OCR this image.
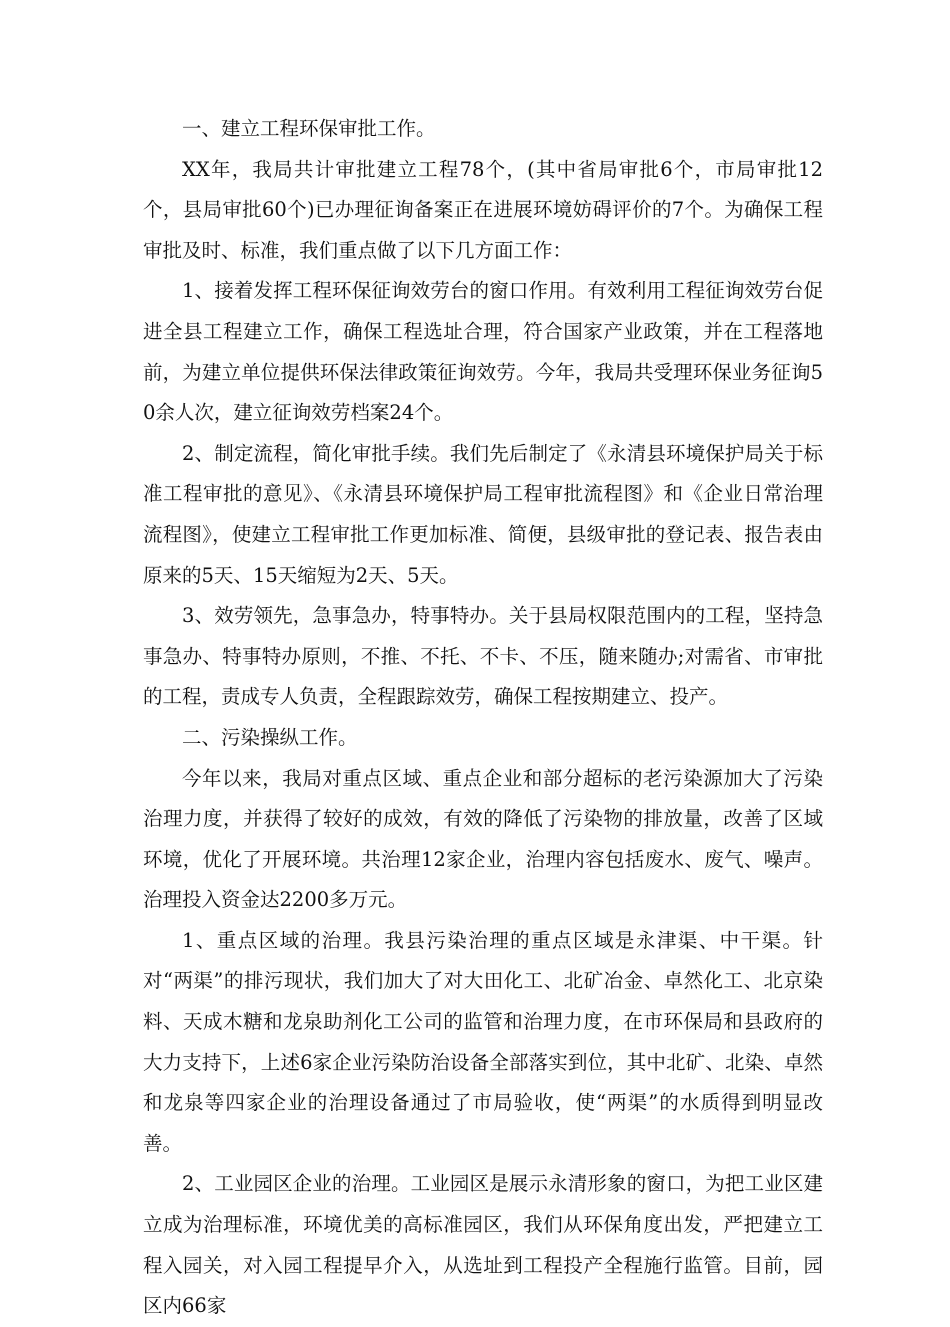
一、建立工程环保审批工作。

XX年，我局共计审批建立工程78个，(其中省局审批6个，市局审批12个，县局审批60个)已办理征询备案正在进展环境妨碍评价的7个。为确保工程审批及时、标准，我们重点做了以下几方面工作：

1、接着发挥工程环保征询效劳台的窗口作用。有效利用工程征询效劳台促进全县工程建立工作，确保工程选址合理，符合国家产业政策，并在工程落地前，为建立单位提供环保法律政策征询效劳。今年，我局共受理环保业务征询50余人次，建立征询效劳档案24个。

2、制定流程，简化审批手续。我们先后制定了《永清县环境保护局关于标准工程审批的意见》、《永清县环境保护局工程审批流程图》和《企业日常治理流程图》，使建立工程审批工作更加标准、简便，县级审批的登记表、报告表由原来的5天、15天缩短为2天、5天。

3、效劳领先，急事急办，特事特办。关于县局权限范围内的工程，坚持急事急办、特事特办原则，不推、不托、不卡、不压，随来随办;对需省、市审批的工程，责成专人负责，全程跟踪效劳，确保工程按期建立、投产。

二、污染操纵工作。

今年以来，我局对重点区域、重点企业和部分超标的老污染源加大了污染治理力度，并获得了较好的成效，有效的降低了污染物的排放量，改善了区域环境，优化了开展环境。共治理12家企业，治理内容包括废水、废气、噪声。治理投入资金达2200多万元。

1、重点区域的治理。我县污染治理的重点区域是永津渠、中干渠。针对“两渠”的排污现状，我们加大了对大田化工、北矿冶金、卓然化工、北京染料、天成木糖和龙泉助剂化工公司的监管和治理力度，在市环保局和县政府的大力支持下，上述6家企业污染防治设备全部落实到位，其中北矿、北染、卓然和龙泉等四家企业的治理设备通过了市局验收，使“两渠”的水质得到明显改善。

2、工业园区企业的治理。工业园区是展示永清形象的窗口，为把工业区建立成为治理标准，环境优美的高标准园区，我们从环保角度出发，严把建立工程入园关，对入园工程提早介入，从选址到工程投产全程施行监管。目前，园区内66家
